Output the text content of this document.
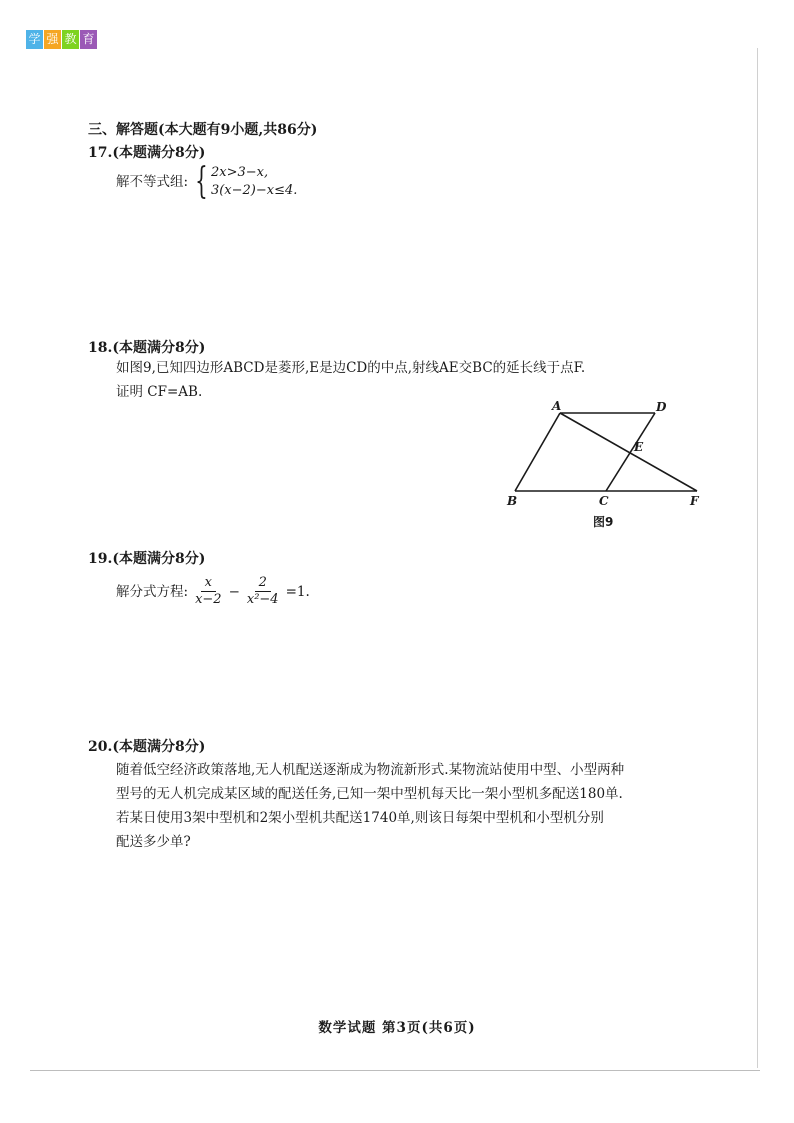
学 强 教 育
三、解答题(本大题有9小题,共86分)
17.(本题满分8分)
解不等式组: { 2x>3−x,
3(x−2)−x≤4.
18.(本题满分8分)
如图9,已知四边形ABCD是菱形,E是边CD的中点,射线AE交BC的延长线于点F.
证明 CF=AB.
A	D
E
B	C	F
图9
19.(本题满分8分)
解分式方程: $\frac{x}{x-2} - \frac{2}{\text{x²−4}} =1$.
20.(本题满分8分)
随着低空经济政策落地,无人机配送逐渐成为物流新形式.某物流站使用中型、小型两种
型号的无人机完成某区域的配送任务,已知一架中型机每天比一架小型机多配送180单.
若某日使用3架中型机和2架小型机共配送1740单,则该日每架中型机和小型机分别
配送多少单?
数学试题 第3页(共6页)
